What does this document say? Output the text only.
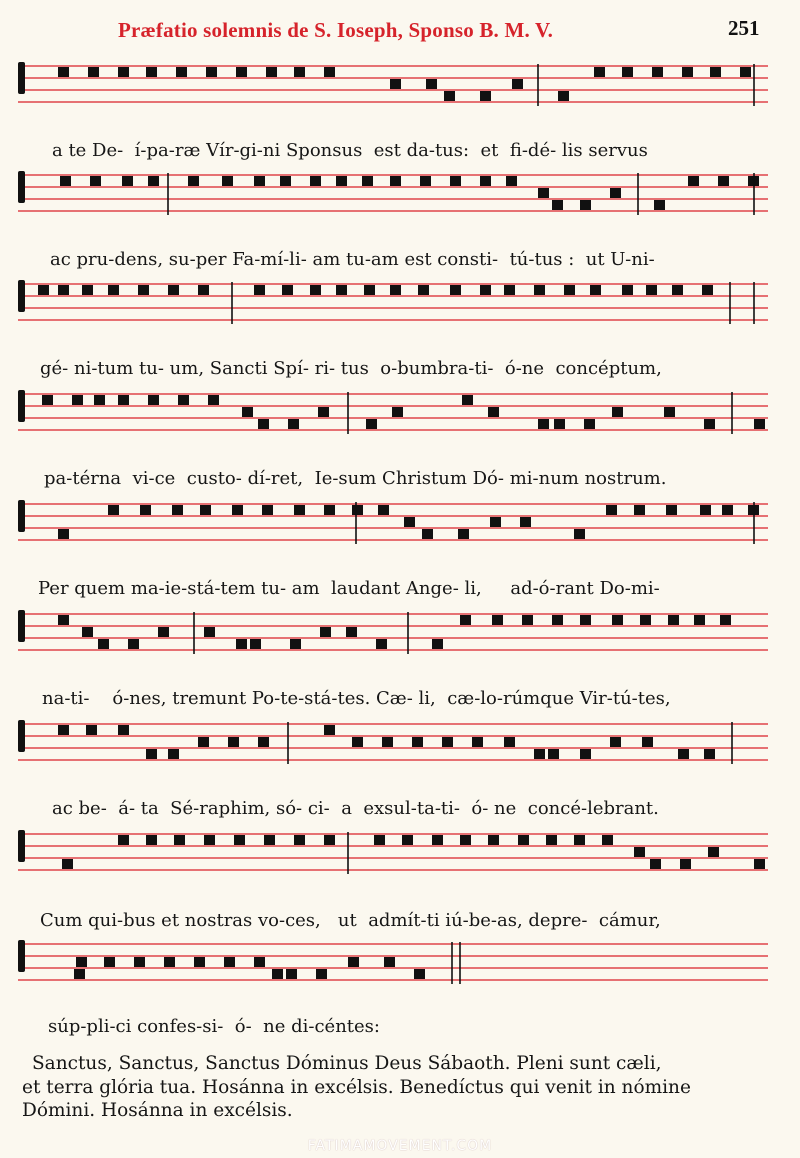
Præfatio solemnis de S. Ioseph, Sponso B. M. V.	251
a te De-  í-pa-ræ Vír-gi-ni Sponsus  est da-tus:  et  fi-dé- lis servus
ac pru-dens, su-per Fa-mí-li- am tu-am est consti-  tú-tus :  ut U-ni-
gé- ni-tum tu- um, Sancti Spí- ri- tus  o-bumbra-ti-  ó-ne  concéptum,
pa-térna  vi-ce  custo- dí-ret,  Ie-sum Christum Dó- mi-num nostrum.
Per quem ma-ie-stá-tem tu- am  laudant Ange- li,     ad-ó-rant Do-mi-
na-ti-    ó-nes, tremunt Po-te-stá-tes. Cæ- li,  cæ-lo-rúmque Vir-tú-tes,
ac be-  á- ta  Sé-raphim, só- ci-  a  exsul-ta-ti-  ó- ne  concé-lebrant.
Cum qui-bus et nostras vo-ces,   ut  admít-ti iú-be-as, depre-  cámur,
súp-pli-ci confes-si-  ó-  ne di-céntes:

Sanctus, Sanctus, Sanctus Dóminus Deus Sábaoth. Pleni sunt cæli,

et terra glória tua. Hosánna in excélsis. Benedíctus qui venit in nómine

Dómini. Hosánna in excélsis.

FATIMAMOVEMENT.COM
